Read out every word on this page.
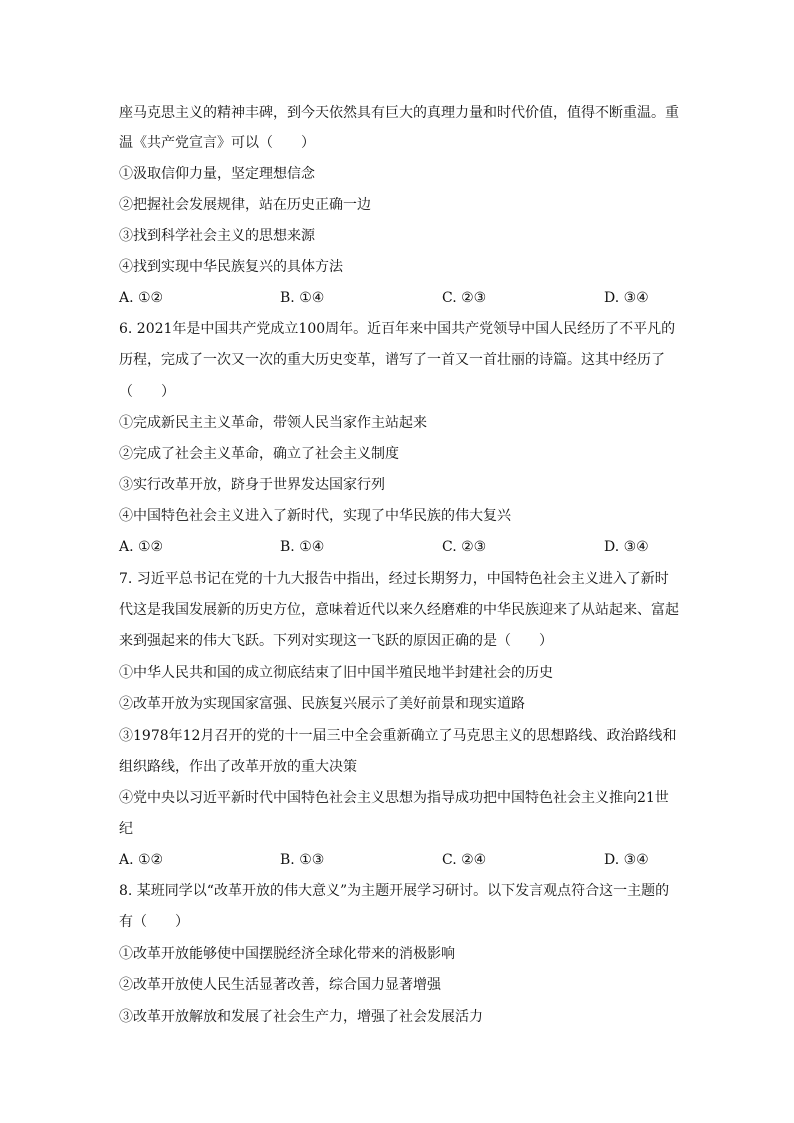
座马克思主义的精神丰碑，到今天依然具有巨大的真理力量和时代价值，值得不断重温。重
温《共产党宣言》可以（　　）
①汲取信仰力量，坚定理想信念
②把握社会发展规律，站在历史正确一边
③找到科学社会主义的思想来源
④找到实现中华民族复兴的具体方法
A. ①②	B. ①④	C. ②③	D. ③④
6. 2021年是中国共产党成立100周年。近百年来中国共产党领导中国人民经历了不平凡的
历程，完成了一次又一次的重大历史变革，谱写了一首又一首壮丽的诗篇。这其中经历了
（　　）
①完成新民主主义革命，带领人民当家作主站起来
②完成了社会主义革命，确立了社会主义制度
③实行改革开放，跻身于世界发达国家行列
④中国特色社会主义进入了新时代，实现了中华民族的伟大复兴
A. ①②	B. ①④	C. ②③	D. ③④
7. 习近平总书记在党的十九大报告中指出，经过长期努力，中国特色社会主义进入了新时
代这是我国发展新的历史方位，意味着近代以来久经磨难的中华民族迎来了从站起来、富起
来到强起来的伟大飞跃。下列对实现这一飞跃的原因正确的是（　　）
①中华人民共和国的成立彻底结束了旧中国半殖民地半封建社会的历史
②改革开放为实现国家富强、民族复兴展示了美好前景和现实道路
③1978年12月召开的党的十一届三中全会重新确立了马克思主义的思想路线、政治路线和
组织路线，作出了改革开放的重大决策
④党中央以习近平新时代中国特色社会主义思想为指导成功把中国特色社会主义推向21世
纪
A. ①②	B. ①③	C. ②④	D. ③④
8. 某班同学以“改革开放的伟大意义”为主题开展学习研讨。以下发言观点符合这一主题的
有（　　）
①改革开放能够使中国摆脱经济全球化带来的消极影响
②改革开放使人民生活显著改善，综合国力显著增强
③改革开放解放和发展了社会生产力，增强了社会发展活力
